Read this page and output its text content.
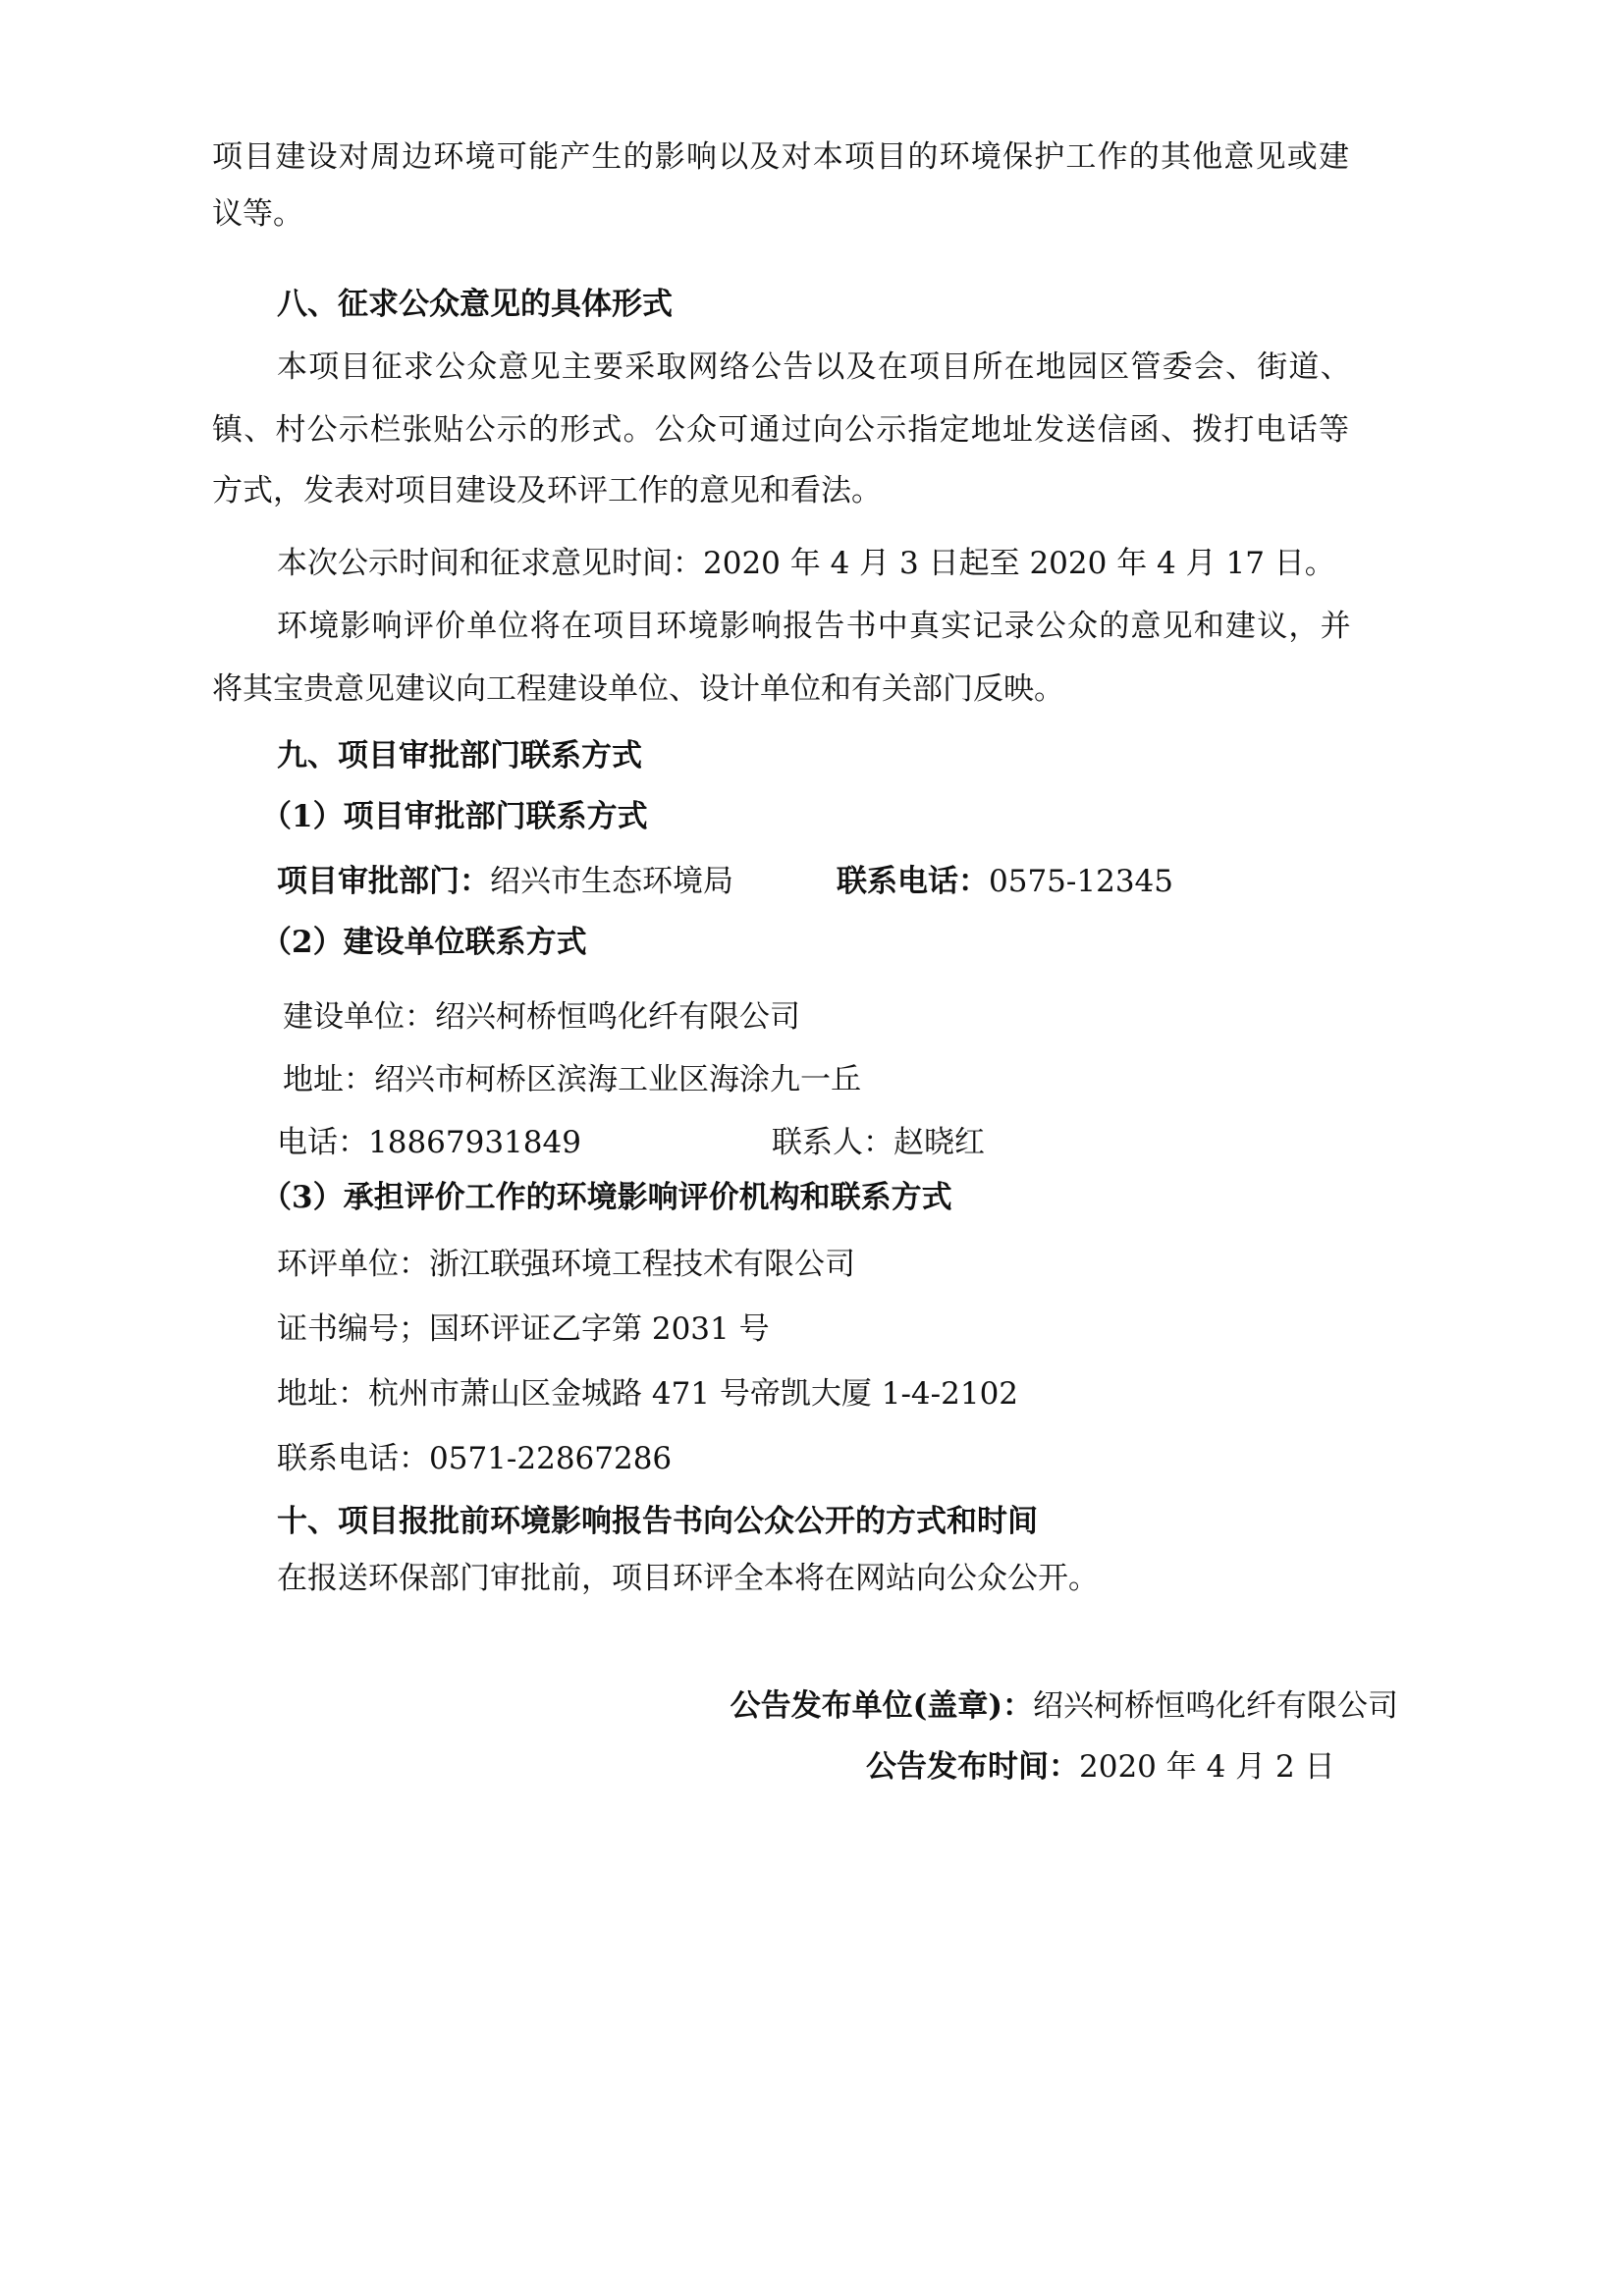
项目建设对周边环境可能产生的影响以及对本项目的环境保护工作的其他意见或建
议等。
八、征求公众意见的具体形式
本项目征求公众意见主要采取网络公告以及在项目所在地园区管委会、街道、
镇、村公示栏张贴公示的形式。公众可通过向公示指定地址发送信函、拨打电话等
方式，发表对项目建设及环评工作的意见和看法。
本次公示时间和征求意见时间：2020 年 4 月 3 日起至 2020 年 4 月 17 日。
环境影响评价单位将在项目环境影响报告书中真实记录公众的意见和建议，并
将其宝贵意见建议向工程建设单位、设计单位和有关部门反映。
九、项目审批部门联系方式
（1）项目审批部门联系方式
项目审批部门：绍兴市生态环境局	联系电话：0575-12345
（2）建设单位联系方式
建设单位：绍兴柯桥恒鸣化纤有限公司
地址：绍兴市柯桥区滨海工业区海涂九一丘
电话：18867931849	联系人：赵晓红
（3）承担评价工作的环境影响评价机构和联系方式
环评单位：浙江联强环境工程技术有限公司
证书编号；国环评证乙字第 2031 号
地址：杭州市萧山区金城路 471 号帝凯大厦 1-4-2102
联系电话：0571-22867286
十、项目报批前环境影响报告书向公众公开的方式和时间
在报送环保部门审批前，项目环评全本将在网站向公众公开。
公告发布单位(盖章)：绍兴柯桥恒鸣化纤有限公司
公告发布时间：2020 年 4 月 2 日
